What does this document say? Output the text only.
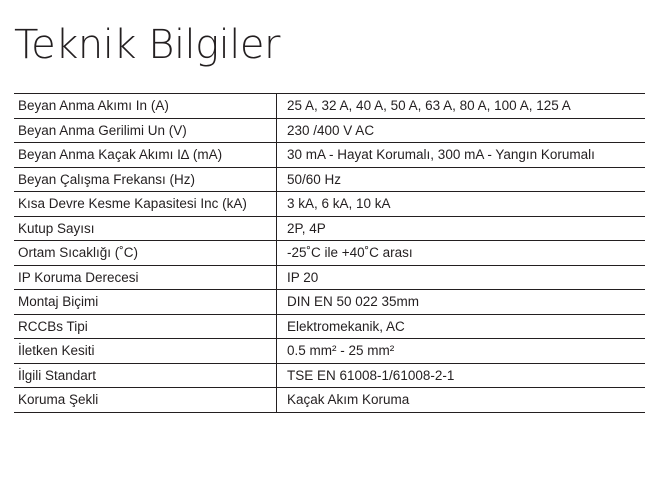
Teknik Bilgiler
Beyan Anma Akımı In (A)	25 A, 32 A, 40 A, 50 A, 63 A, 80 A, 100 A, 125 A
Beyan Anma Gerilimi Un (V)	230 /400 V AC
Beyan Anma Kaçak Akımı I∆ (mA)	30 mA - Hayat Korumalı, 300 mA - Yangın Korumalı
Beyan Çalışma Frekansı (Hz)	50/60 Hz
Kısa Devre Kesme Kapasitesi Inc (kA)	3 kA, 6 kA, 10 kA
Kutup Sayısı	2P, 4P
Ortam Sıcaklığı (˚C)	-25˚C ile +40˚C arası
IP Koruma Derecesi	IP 20
Montaj Biçimi	DIN EN 50 022 35mm
RCCBs Tipi	Elektromekanik, AC
İletken Kesiti	0.5 mm² - 25 mm²
İlgili Standart	TSE EN 61008-1/61008-2-1
Koruma Şekli	Kaçak Akım Koruma
